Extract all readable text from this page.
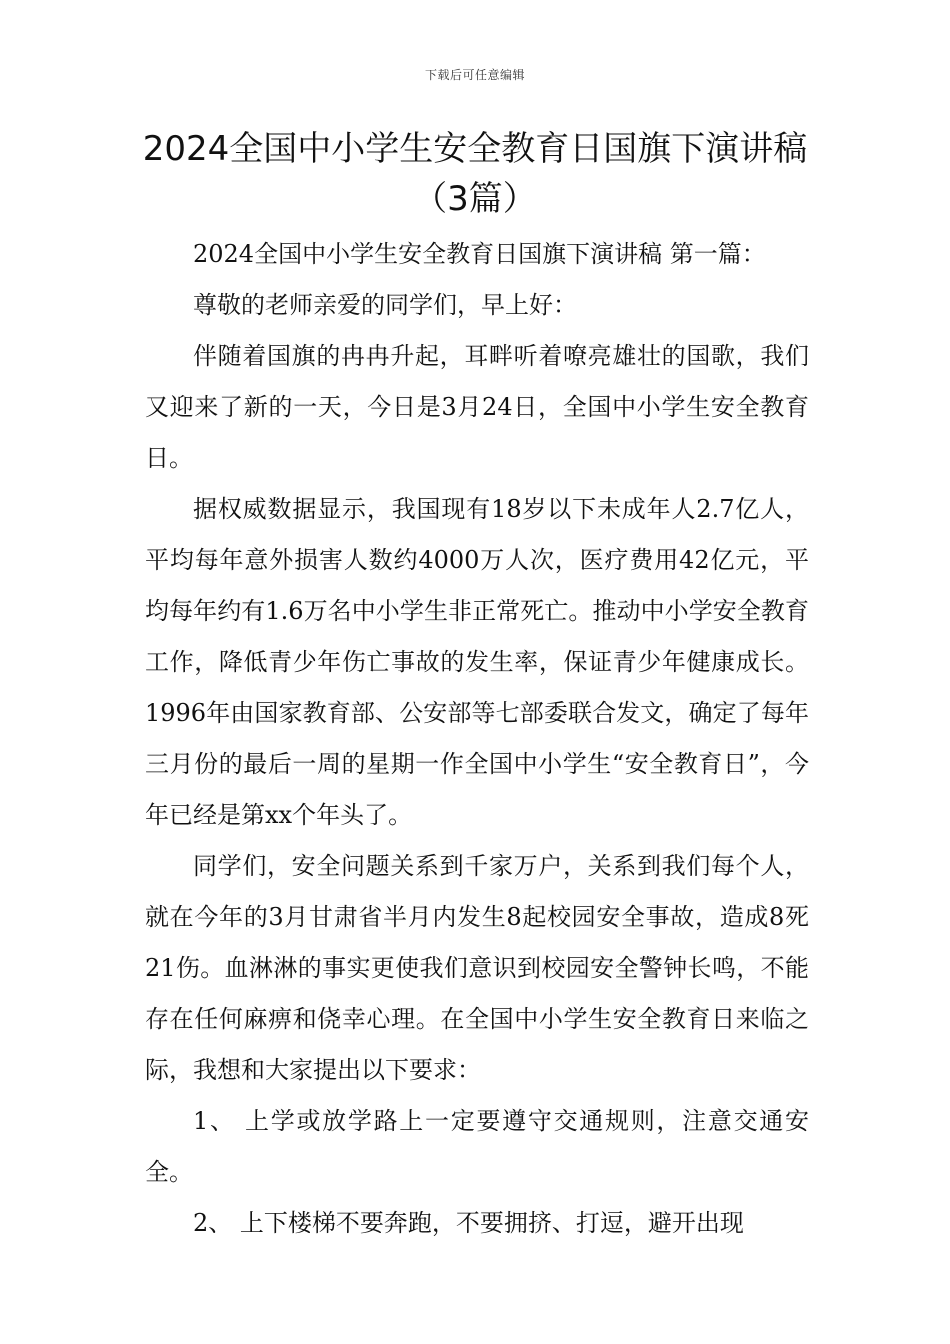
下载后可任意编辑
2024全国中小学生安全教育日国旗下演讲稿（3篇）

2024全国中小学生安全教育日国旗下演讲稿 第一篇：

尊敬的老师亲爱的同学们，早上好：

伴随着国旗的冉冉升起，耳畔听着嘹亮雄壮的国歌，我们又迎来了新的一天，今日是3月24日，全国中小学生安全教育日。

据权威数据显示，我国现有18岁以下未成年人2.7亿人，平均每年意外损害人数约4000万人次，医疗费用42亿元，平均每年约有1.6万名中小学生非正常死亡。推动中小学安全教育工作，降低青少年伤亡事故的发生率，保证青少年健康成长。1996年由国家教育部、公安部等七部委联合发文，确定了每年三月份的最后一周的星期一作全国中小学生“安全教育日”，今年已经是第xx个年头了。

同学们，安全问题关系到千家万户，关系到我们每个人，就在今年的3月甘肃省半月内发生8起校园安全事故，造成8死21伤。血淋淋的事实更使我们意识到校园安全警钟长鸣，不能存在任何麻痹和侥幸心理。在全国中小学生安全教育日来临之际，我想和大家提出以下要求：

1、 上学或放学路上一定要遵守交通规则，注意交通安全。

2、 上下楼梯不要奔跑，不要拥挤、打逗，避开出现
